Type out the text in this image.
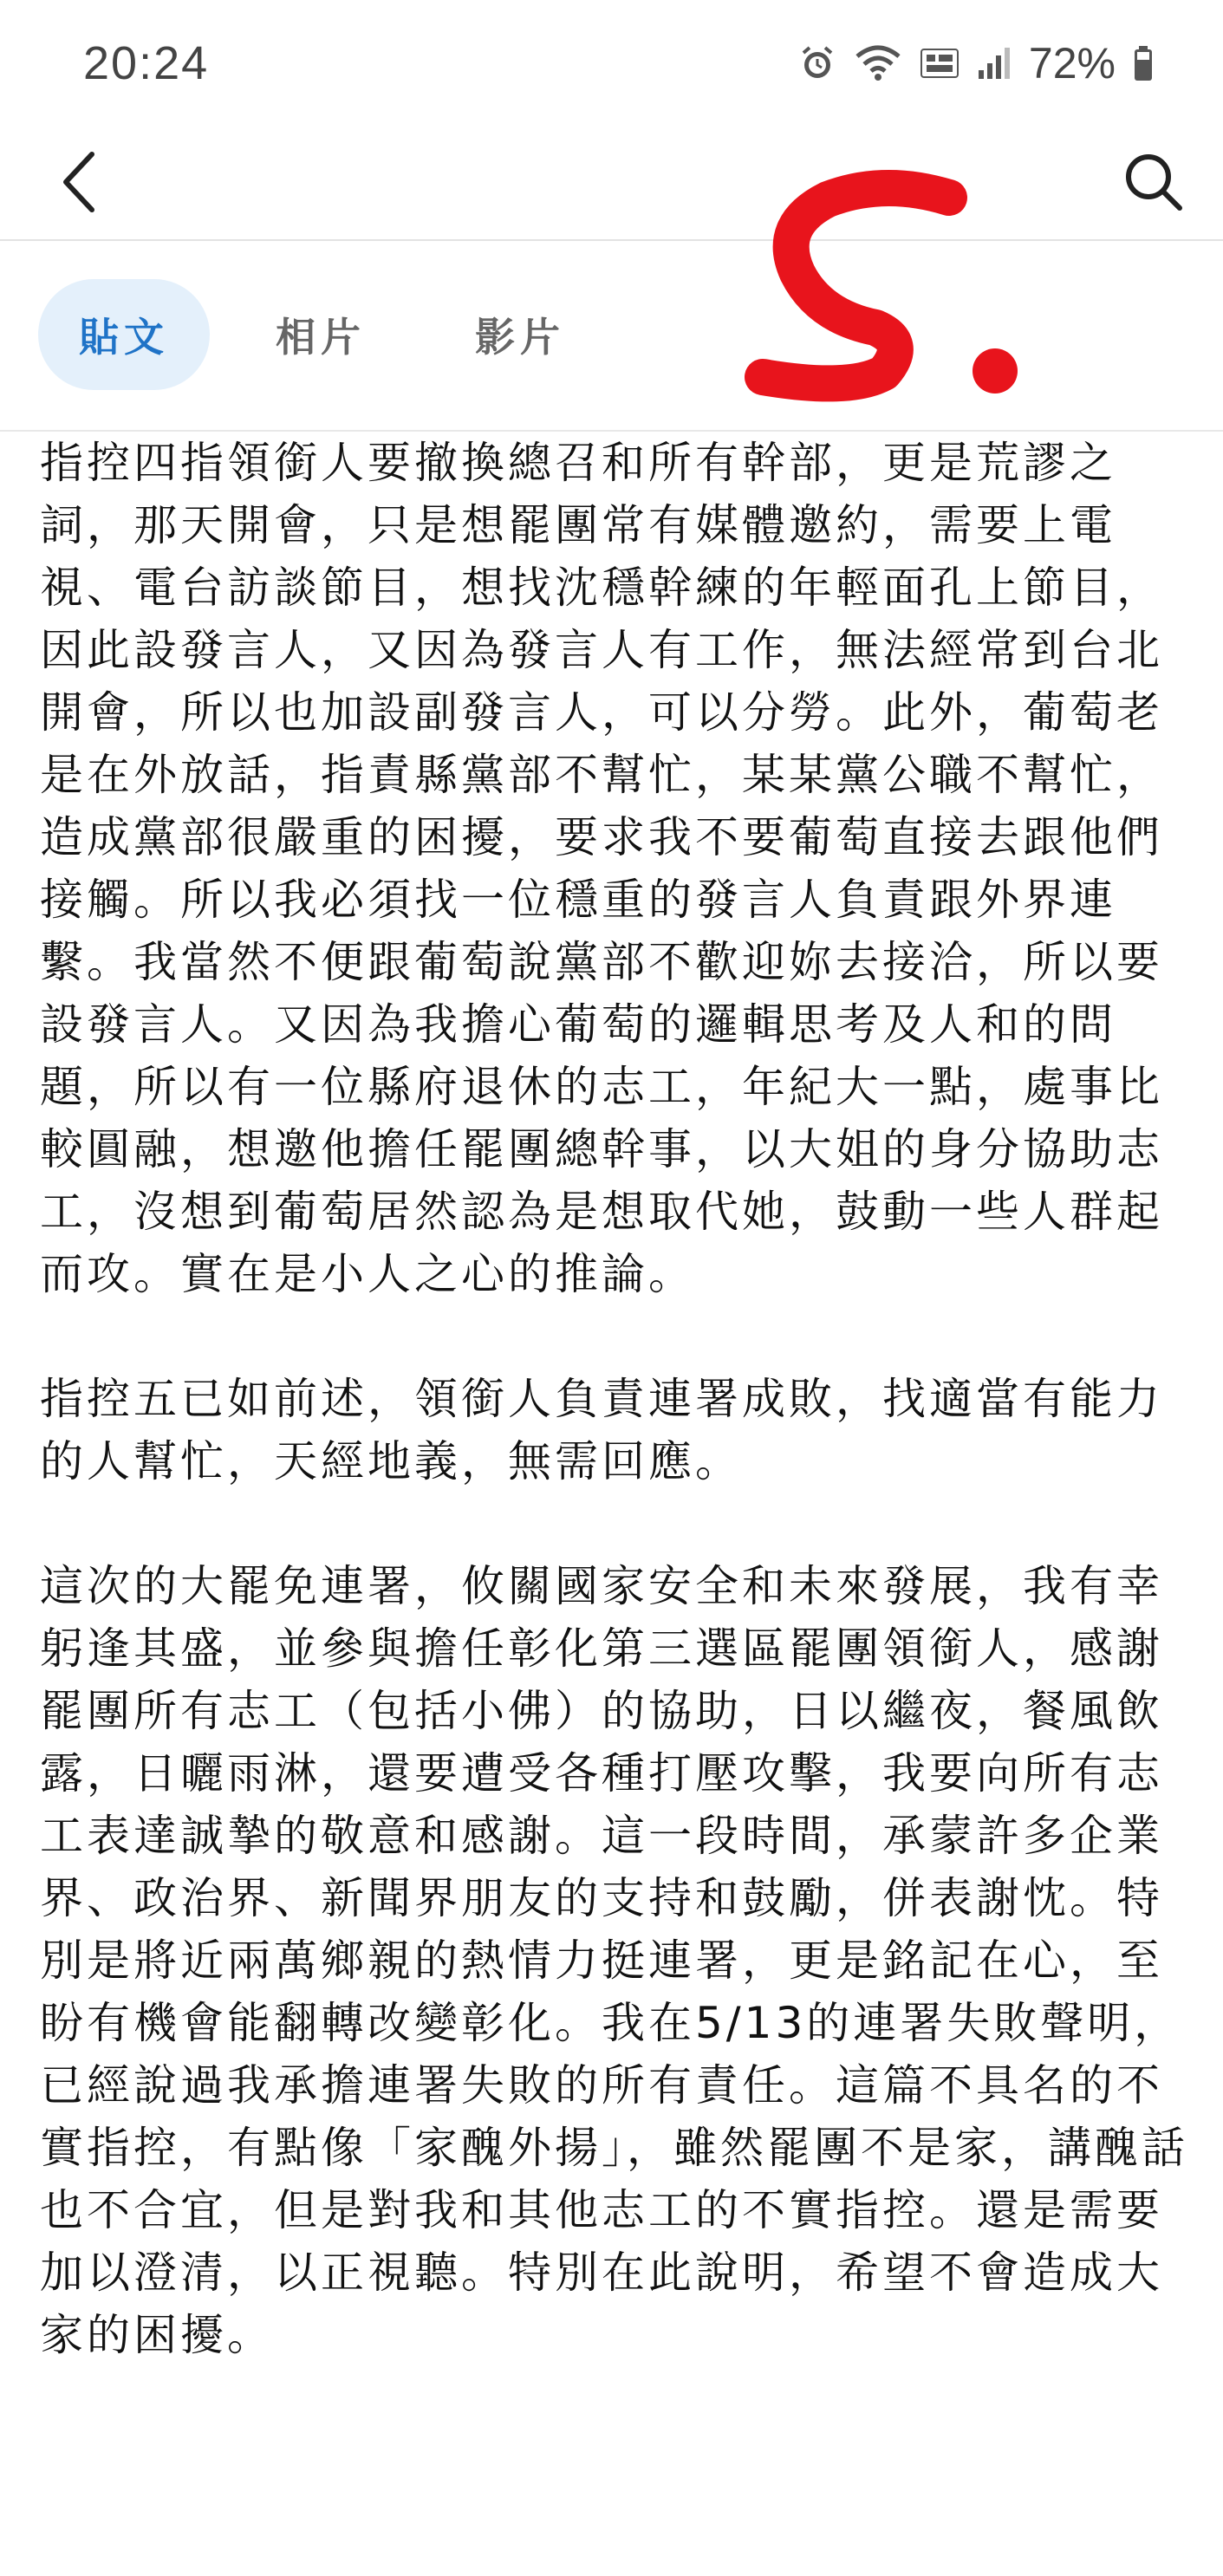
20:24	72%
貼文	相片	影片

指控四指領銜人要撤換總召和所有幹部，更是荒謬之詞，那天開會，只是想罷團常有媒體邀約，需要上電視、電台訪談節目，想找沈穩幹練的年輕面孔上節目，因此設發言人，又因為發言人有工作，無法經常到台北開會，所以也加設副發言人，可以分勞。此外，葡萄老是在外放話，指責縣黨部不幫忙，某某黨公職不幫忙，造成黨部很嚴重的困擾，要求我不要葡萄直接去跟他們接觸。所以我必須找一位穩重的發言人負責跟外界連繫。我當然不便跟葡萄說黨部不歡迎妳去接洽，所以要設發言人。又因為我擔心葡萄的邏輯思考及人和的問題，所以有一位縣府退休的志工，年紀大一點，處事比較圓融，想邀他擔任罷團總幹事，以大姐的身分協助志工，沒想到葡萄居然認為是想取代她，鼓動一些人群起而攻。實在是小人之心的推論。

指控五已如前述，領銜人負責連署成敗，找適當有能力的人幫忙，天經地義，無需回應。

這次的大罷免連署，攸關國家安全和未來發展，我有幸躬逢其盛，並參與擔任彰化第三選區罷團領銜人，感謝罷團所有志工（包括小佛）的協助，日以繼夜，餐風飲露，日曬雨淋，還要遭受各種打壓攻擊，我要向所有志工表達誠摯的敬意和感謝。這一段時間，承蒙許多企業界、政治界、新聞界朋友的支持和鼓勵，併表謝忱。特別是將近兩萬鄉親的熱情力挺連署，更是銘記在心，至盼有機會能翻轉改變彰化。我在5/13的連署失敗聲明，已經說過我承擔連署失敗的所有責任。這篇不具名的不實指控，有點像「家醜外揚」，雖然罷團不是家，講醜話也不合宜，但是對我和其他志工的不實指控。還是需要加以澄清，以正視聽。特別在此說明，希望不會造成大家的困擾。
